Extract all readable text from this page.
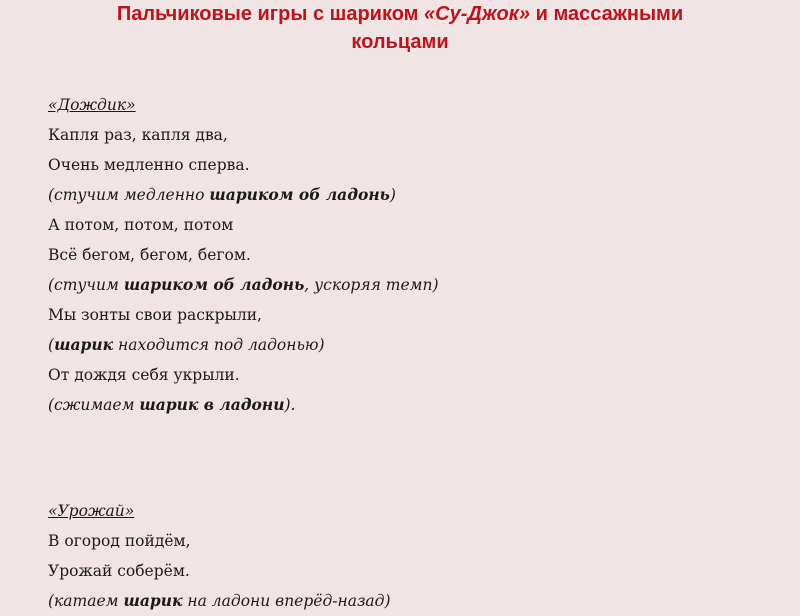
Пальчиковые игры с шариком «Су-Джок» и массажными
кольцами
«Дождик»
Капля раз, капля два,
Очень медленно сперва.
(стучим медленно шариком об ладонь)
А потом, потом, потом
Всё бегом, бегом, бегом.
(стучим шариком об ладонь, ускоряя темп)
Мы зонты свои раскрыли,
(шарик находится под ладонью)
От дождя себя укрыли.
(сжимаем шарик в ладони).
«Урожай»
В огород пойдём,
Урожай соберём.
(катаем шарик на ладони вперёд-назад)
